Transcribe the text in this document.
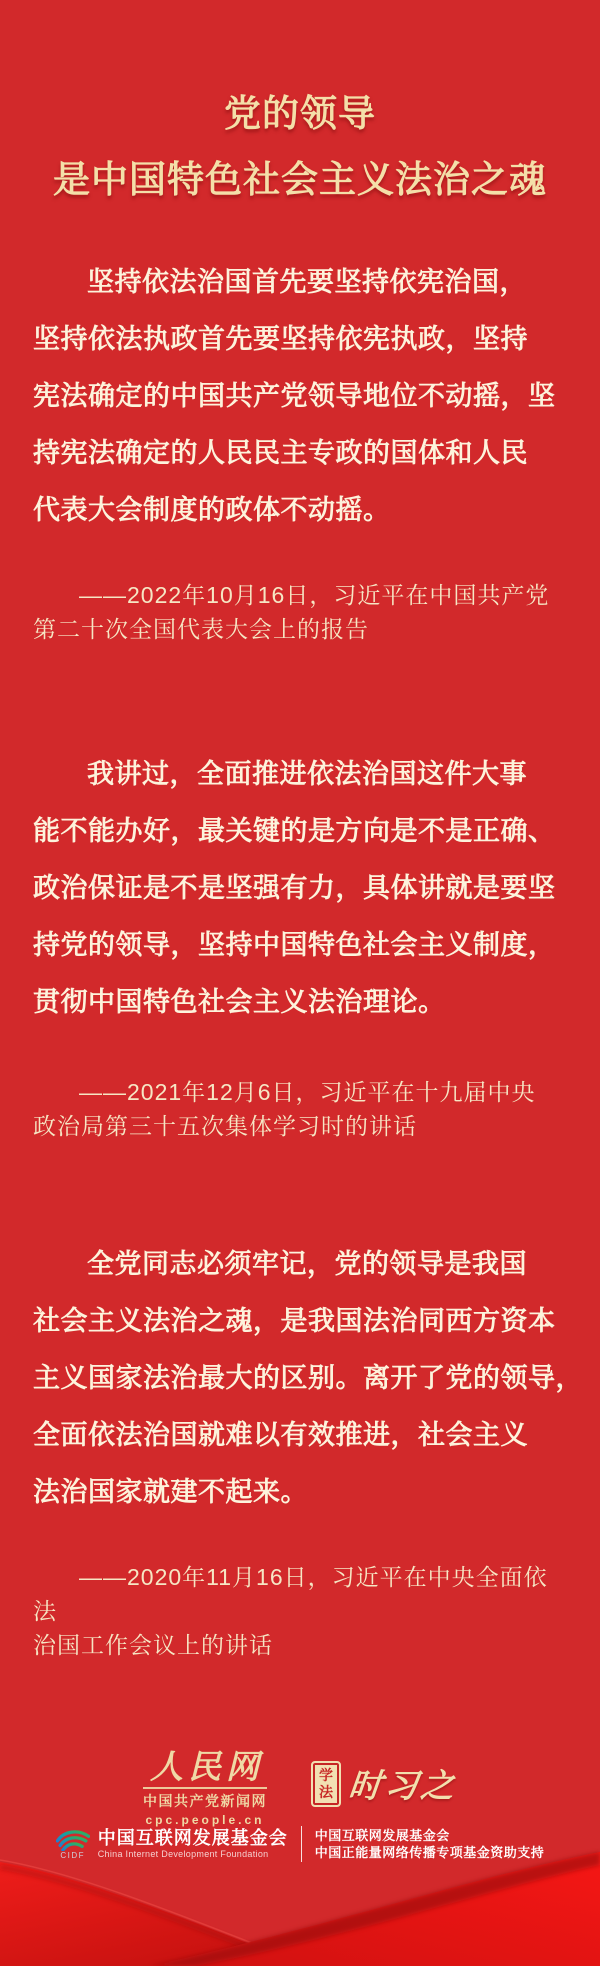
党的领导
是中国特色社会主义法治之魂
坚持依法治国首先要坚持依宪治国，
坚持依法执政首先要坚持依宪执政，坚持
宪法确定的中国共产党领导地位不动摇，坚
持宪法确定的人民民主专政的国体和人民
代表大会制度的政体不动摇。
——2022年10月16日，习近平在中国共产党
第二十次全国代表大会上的报告
我讲过，全面推进依法治国这件大事
能不能办好，最关键的是方向是不是正确、
政治保证是不是坚强有力，具体讲就是要坚
持党的领导，坚持中国特色社会主义制度，
贯彻中国特色社会主义法治理论。
——2021年12月6日，习近平在十九届中央
政治局第三十五次集体学习时的讲话
全党同志必须牢记，党的领导是我国
社会主义法治之魂，是我国法治同西方资本
主义国家法治最大的区别。离开了党的领导，
全面依法治国就难以有效推进，社会主义
法治国家就建不起来。
——2020年11月16日，习近平在中央全面依法
治国工作会议上的讲话
人民网
中国共产党新闻网
cpc.people.cn
学
法 时习之
CIDF
中国互联网发展基金会
China Internet Development Foundation
中国互联网发展基金会
中国正能量网络传播专项基金资助支持
